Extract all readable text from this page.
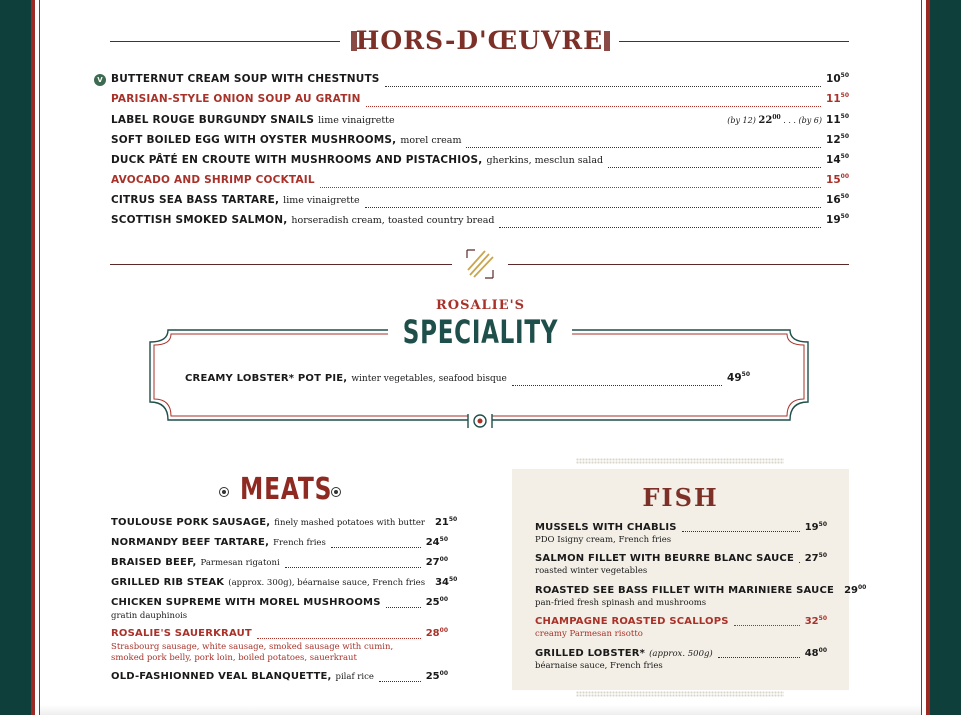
HORS-D'ŒUVRE
V BUTTERNUT CREAM SOUP WITH CHESTNUTS	$10^{50}$
PARISIAN-STYLE ONION SOUP AU GRATIN	$11^{50}$
LABEL ROUGE BURGUNDY SNAILS lime vinaigrette	(by 12) $22^{00}$ . . . (by 6) $11^{50}$
SOFT BOILED EGG WITH OYSTER MUSHROOMS, morel cream	$12^{50}$
DUCK PÂTÉ EN CROUTE WITH MUSHROOMS AND PISTACHIOS, gherkins, mesclun salad	$14^{50}$
AVOCADO AND SHRIMP COCKTAIL	$15^{00}$
CITRUS SEA BASS TARTARE, lime vinaigrette	$16^{50}$
SCOTTISH SMOKED SALMON, horseradish cream, toasted country bread	$19^{50}$
ROSALIE'S
SPECIALITY
CREAMY LOBSTER* POT PIE, winter vegetables, seafood bisque	$49^{50}$
MEATS
TOULOUSE PORK SAUSAGE, finely mashed potatoes with butter $21^{50}$
NORMANDY BEEF TARTARE, French fries	$24^{50}$
BRAISED BEEF, Parmesan rigatoni	$27^{00}$
GRILLED RIB STEAK (approx. 300g), béarnaise sauce, French fries $34^{50}$
CHICKEN SUPREME WITH MOREL MUSHROOMS	$25^{00}$
gratin dauphinois
ROSALIE'S SAUERKRAUT	$28^{00}$
Strasbourg sausage, white sausage, smoked sausage with cumin,
smoked pork belly, pork loin, boiled potatoes, sauerkraut
OLD-FASHIONNED VEAL BLANQUETTE, pilaf rice	$25^{00}$
FISH
MUSSELS WITH CHABLIS	$19^{50}$
PDO Isigny cream, French fries
SALMON FILLET WITH BEURRE BLANC SAUCE $27^{50}$
roasted winter vegetables
ROASTED SEE BASS FILLET WITH MARINIERE SAUCE $29^{00}$
pan-fried fresh spinash and mushrooms
CHAMPAGNE ROASTED SCALLOPS	$32^{50}$
creamy Parmesan risotto
GRILLED LOBSTER* (approx. 500g)	$48^{00}$
béarnaise sauce, French fries
